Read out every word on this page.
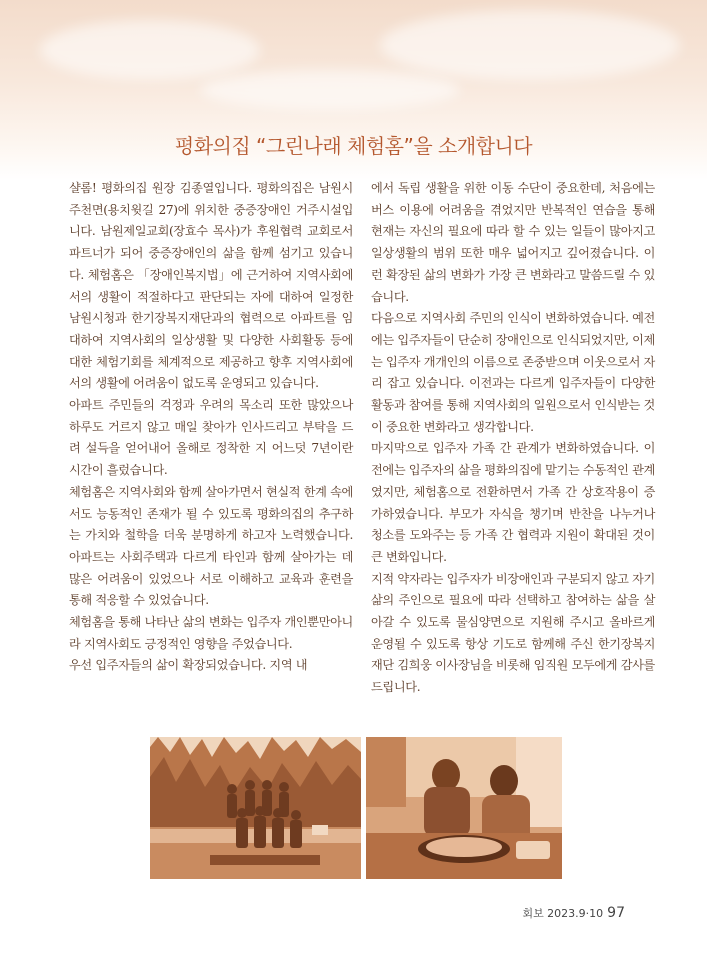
평화의집 “그린나래 체험홈”을 소개합니다

샬롬! 평화의집 원장 김종열입니다. 평화의집은 남원시 주천면(용치윗길 27)에 위치한 중증장애인 거주시설입니다. 남원제일교회(장효수 목사)가 후원협력 교회로서 파트너가 되어 중증장애인의 삶을 함께 섬기고 있습니다. 체험홈은 「장애인복지법」에 근거하여 지역사회에서의 생활이 적절하다고 판단되는 자에 대하여 일정한 남원시청과 한기장복지재단과의 협력으로 아파트를 임대하여 지역사회의 일상생활 및 다양한 사회활동 등에 대한 체험기회를 체계적으로 제공하고 향후 지역사회에서의 생활에 어려움이 없도록 운영되고 있습니다.

아파트 주민들의 걱정과 우려의 목소리 또한 많았으나 하루도 거르지 않고 매일 찾아가 인사드리고 부탁을 드려 설득을 얻어내어 올해로 정착한 지 어느덧 7년이란 시간이 흘렀습니다.

체험홈은 지역사회와 함께 살아가면서 현실적 한계 속에서도 능동적인 존재가 될 수 있도록 평화의집의 추구하는 가치와 철학을 더욱 분명하게 하고자 노력했습니다. 아파트는 사회주택과 다르게 타인과 함께 살아가는 데 많은 어려움이 있었으나 서로 이해하고 교육과 훈련을 통해 적응할 수 있었습니다.

체험홈을 통해 나타난 삶의 변화는 입주자 개인뿐만아니라 지역사회도 긍정적인 영향을 주었습니다.

우선 입주자들의 삶이 확장되었습니다. 지역 내

에서 독립 생활을 위한 이동 수단이 중요한데, 처음에는 버스 이용에 어려움을 겪었지만 반복적인 연습을 통해 현재는 자신의 필요에 따라 할 수 있는 일들이 많아지고 일상생활의 범위 또한 매우 넓어지고 깊어졌습니다. 이런 확장된 삶의 변화가 가장 큰 변화라고 말씀드릴 수 있습니다.

다음으로 지역사회 주민의 인식이 변화하였습니다. 예전에는 입주자들이 단순히 장애인으로 인식되었지만, 이제는 입주자 개개인의 이름으로 존중받으며 이웃으로서 자리 잡고 있습니다. 이전과는 다르게 입주자들이 다양한 활동과 참여를 통해 지역사회의 일원으로서 인식받는 것이 중요한 변화라고 생각합니다.

마지막으로 입주자 가족 간 관계가 변화하였습니다. 이전에는 입주자의 삶을 평화의집에 맡기는 수동적인 관계였지만, 체험홈으로 전환하면서 가족 간 상호작용이 증가하였습니다. 부모가 자식을 챙기며 반찬을 나누거나 청소를 도와주는 등 가족 간 협력과 지원이 확대된 것이 큰 변화입니다.

지적 약자라는 입주자가 비장애인과 구분되지 않고 자기 삶의 주인으로 필요에 따라 선택하고 참여하는 삶을 살아갈 수 있도록 물심양면으로 지원해 주시고 올바르게 운영될 수 있도록 항상 기도로 함께해 주신 한기장복지재단 김희웅 이사장님을 비롯해 임직원 모두에게 감사를 드립니다.

회보 2023.9·10 97
